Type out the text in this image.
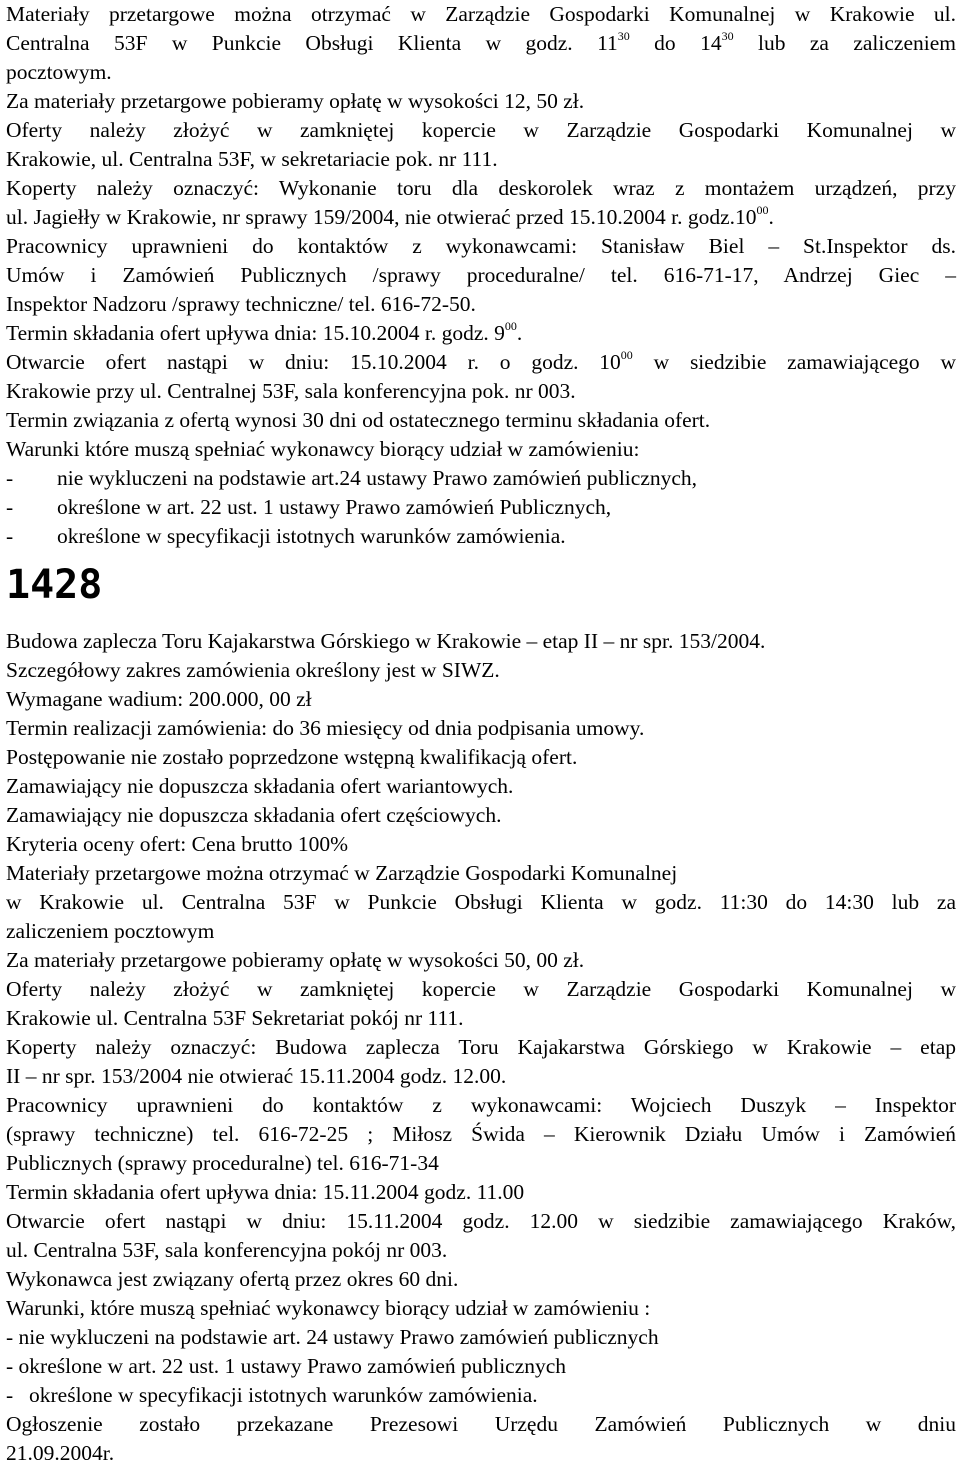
Materiały przetargowe można otrzymać w Zarządzie Gospodarki Komunalnej w Krakowie ul.

Centralna 53F w Punkcie Obsługi Klienta w godz. $11^{30}$ do $14^{30}$ lub za zaliczeniem

pocztowym.

Za materiały przetargowe pobieramy opłatę w wysokości 12, 50 zł.

Oferty należy złożyć w zamkniętej kopercie w Zarządzie Gospodarki Komunalnej w

Krakowie, ul. Centralna 53F, w sekretariacie pok. nr 111.

Koperty należy oznaczyć: Wykonanie toru dla deskorolek wraz z montażem urządzeń, przy

ul. Jagiełły w Krakowie, nr sprawy 159/2004, nie otwierać przed 15.10.2004 r. $godz.10^{00}$.

Pracownicy uprawnieni do kontaktów z wykonawcami: Stanisław Biel – St.Inspektor ds.

Umów i Zamówień Publicznych /sprawy proceduralne/ tel. 616-71-17, Andrzej Giec –

Inspektor Nadzoru /sprawy techniczne/ tel. 616-72-50.

Termin składania ofert upływa dnia: 15.10.2004 r. godz. $9^{00}$.

Otwarcie ofert nastąpi w dniu: 15.10.2004 r. o godz. $10^{00}$ w siedzibie zamawiającego w

Krakowie przy ul. Centralnej 53F, sala konferencyjna pok. nr 003.

Termin związania z ofertą wynosi 30 dni od ostatecznego terminu składania ofert.

Warunki które muszą spełniać wykonawcy biorący udział w zamówieniu:

-	nie wykluczeni na podstawie art.24 ustawy Prawo zamówień publicznych,
-	określone w art. 22 ust. 1 ustawy Prawo zamówień Publicznych,
-	określone w specyfikacji istotnych warunków zamówienia.
1428

Budowa zaplecza Toru Kajakarstwa Górskiego w Krakowie – etap II – nr spr. 153/2004.

Szczegółowy zakres zamówienia określony jest w SIWZ.

Wymagane wadium: 200.000, 00 zł

Termin realizacji zamówienia: do 36 miesięcy od dnia podpisania umowy.

Postępowanie nie zostało poprzedzone wstępną kwalifikacją ofert.

Zamawiający nie dopuszcza składania ofert wariantowych.

Zamawiający nie dopuszcza składania ofert częściowych.

Kryteria oceny ofert: Cena brutto 100%

Materiały przetargowe można otrzymać w Zarządzie Gospodarki Komunalnej

w Krakowie ul. Centralna 53F w Punkcie Obsługi Klienta w godz. 11:30 do 14:30 lub za

zaliczeniem pocztowym

Za materiały przetargowe pobieramy opłatę w wysokości 50, 00 zł.

Oferty należy złożyć w zamkniętej kopercie w Zarządzie Gospodarki Komunalnej w

Krakowie ul. Centralna 53F Sekretariat pokój nr 111.

Koperty należy oznaczyć: Budowa zaplecza Toru Kajakarstwa Górskiego w Krakowie – etap

II – nr spr. 153/2004 nie otwierać 15.11.2004 godz. 12.00.

Pracownicy uprawnieni do kontaktów z wykonawcami: Wojciech Duszyk – Inspektor

(sprawy techniczne) tel. 616-72-25 ; Miłosz Świda – Kierownik Działu Umów i Zamówień

Publicznych (sprawy proceduralne) tel. 616-71-34

Termin składania ofert upływa dnia: 15.11.2004 godz. 11.00

Otwarcie ofert nastąpi w dniu: 15.11.2004 godz. 12.00 w siedzibie zamawiającego Kraków,

ul. Centralna 53F, sala konferencyjna pokój nr 003.

Wykonawca jest związany ofertą przez okres 60 dni.

Warunki, które muszą spełniać wykonawcy biorący udział w zamówieniu :

- nie wykluczeni na podstawie art. 24 ustawy Prawo zamówień publicznych

- określone w art. 22 ust. 1 ustawy Prawo zamówień publicznych

- określone w specyfikacji istotnych warunków zamówienia.

Ogłoszenie zostało przekazane Prezesowi Urzędu Zamówień Publicznych w dniu

21.09.2004r.
